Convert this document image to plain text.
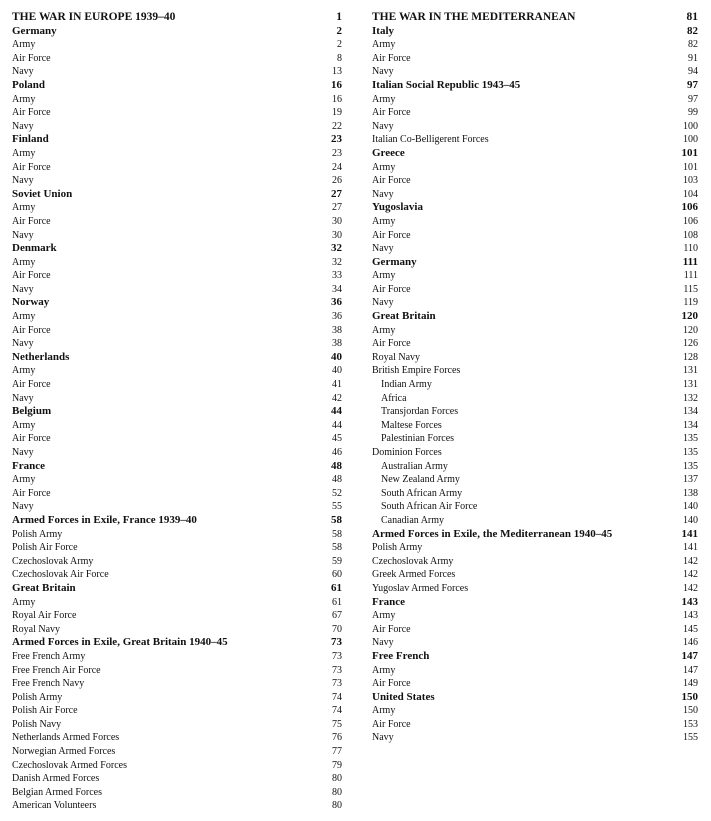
THE WAR IN EUROPE 1939–40	1
Germany	2
Army	2
Air Force	8
Navy	13
Poland	16
Army	16
Air Force	19
Navy	22
Finland	23
Army	23
Air Force	24
Navy	26
Soviet Union	27
Army	27
Air Force	30
Navy	30
Denmark	32
Army	32
Air Force	33
Navy	34
Norway	36
Army	36
Air Force	38
Navy	38
Netherlands	40
Army	40
Air Force	41
Navy	42
Belgium	44
Army	44
Air Force	45
Navy	46
France	48
Army	48
Air Force	52
Navy	55
Armed Forces in Exile, France 1939–40	58
Polish Army	58
Polish Air Force	58
Czechoslovak Army	59
Czechoslovak Air Force	60
Great Britain	61
Army	61
Royal Air Force	67
Royal Navy	70
Armed Forces in Exile, Great Britain 1940–45	73
Free French Army	73
Free French Air Force	73
Free French Navy	73
Polish Army	74
Polish Air Force	74
Polish Navy	75
Netherlands Armed Forces	76
Norwegian Armed Forces	77
Czechoslovak Armed Forces	79
Danish Armed Forces	80
Belgian Armed Forces	80
American Volunteers	80
THE WAR IN THE MEDITERRANEAN	81
Italy	82
Army	82
Air Force	91
Navy	94
Italian Social Republic 1943–45	97
Army	97
Air Force	99
Navy	100
Italian Co-Belligerent Forces	100
Greece	101
Army	101
Air Force	103
Navy	104
Yugoslavia	106
Army	106
Air Force	108
Navy	110
Germany	111
Army	111
Air Force	115
Navy	119
Great Britain	120
Army	120
Air Force	126
Royal Navy	128
British Empire Forces	131
Indian Army	131
Africa	132
Transjordan Forces	134
Maltese Forces	134
Palestinian Forces	135
Dominion Forces	135
Australian Army	135
New Zealand Army	137
South African Army	138
South African Air Force	140
Canadian Army	140
Armed Forces in Exile, the Mediterranean 1940–45	141
Polish Army	141
Czechoslovak Army	142
Greek Armed Forces	142
Yugoslav Armed Forces	142
France	143
Army	143
Air Force	145
Navy	146
Free French	147
Army	147
Air Force	149
United States	150
Army	150
Air Force	153
Navy	155
